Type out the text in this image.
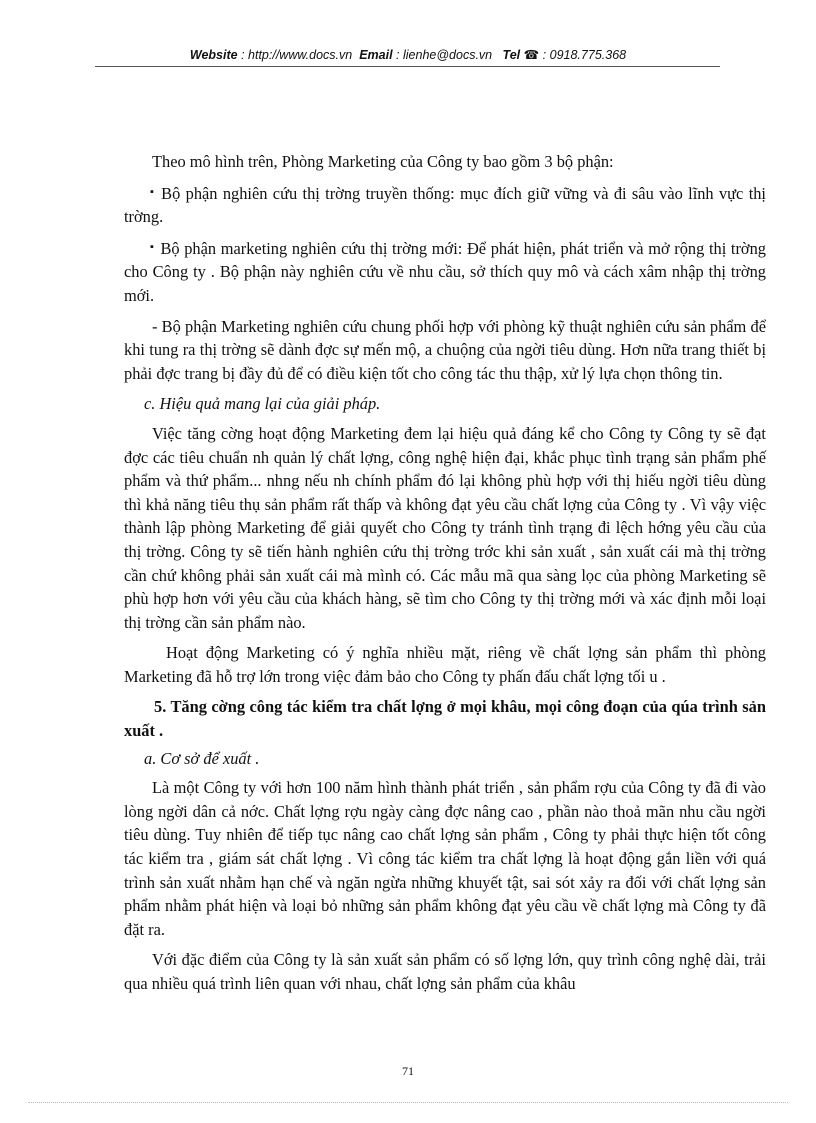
Website : http://www.docs.vn Email : lienhe@docs.vn Tel ☎ : 0918.775.368

Theo mô hình trên, Phòng Marketing của Công ty bao gồm 3 bộ phận:

▪ Bộ phận nghiên cứu thị trờng truyền thống: mục đích giữ vững và đi sâu vào lĩnh vực thị trờng.

▪ Bộ phận marketing nghiên cứu thị trờng mới: Để phát hiện, phát triển và mở rộng thị trờng cho Công ty . Bộ phận này nghiên cứu về nhu cầu, sở thích quy mô và cách xâm nhập thị trờng mới.

- Bộ phận Marketing nghiên cứu chung phối hợp với phòng kỹ thuật nghiên cứu sản phẩm để khi tung ra thị trờng sẽ dành đợc sự mến mộ, a chuộng của ngời tiêu dùng. Hơn nữa trang thiết bị phải đợc trang bị đầy đủ để có điều kiện tốt cho công tác thu thập, xử lý lựa chọn thông tin.

c. Hiệu quả mang lại của giải pháp.

Việc tăng cờng hoạt động Marketing đem lại hiệu quả đáng kể cho Công ty Công ty sẽ đạt đợc các tiêu chuẩn nh quản lý chất lợng, công nghệ hiện đại, khắc phục tình trạng sản phẩm phế phẩm và thứ phẩm... nhng nếu nh chính phẩm đó lại không phù hợp với thị hiếu ngời tiêu dùng thì khả năng tiêu thụ sản phẩm rất thấp và không đạt yêu cầu chất lợng của Công ty . Vì vậy việc thành lập phòng Marketing để giải quyết cho Công ty tránh tình trạng đi lệch hớng yêu cầu của thị trờng. Công ty sẽ tiến hành nghiên cứu thị trờng trớc khi sản xuất , sản xuất cái mà thị trờng cần chứ không phải sản xuất cái mà mình có. Các mẫu mã qua sàng lọc của phòng Marketing sẽ phù hợp hơn với yêu cầu của khách hàng, sẽ tìm cho Công ty thị trờng mới và xác định mỗi loại thị trờng cần sản phẩm nào.

Hoạt động Marketing có ý nghĩa nhiều mặt, riêng về chất lợng sản phẩm thì phòng Marketing đã hỗ trợ lớn trong việc đảm bảo cho Công ty phấn đấu chất lợng tối u .

5. Tăng cờng công tác kiểm tra chất lợng ở mọi khâu, mọi công đoạn của qúa trình sản xuất .

a. Cơ sở để xuất .

Là một Công ty với hơn 100 năm hình thành phát triển , sản phẩm rợu của Công ty đã đi vào lòng ngời dân cả nớc. Chất lợng rợu ngày càng đợc nâng cao , phần nào thoả mãn nhu cầu ngời tiêu dùng. Tuy nhiên để tiếp tục nâng cao chất lợng sản phẩm , Công ty phải thực hiện tốt công tác kiểm tra , giám sát chất lợng . Vì công tác kiểm tra chất lợng là hoạt động gắn liền với quá trình sản xuất nhằm hạn chế và ngăn ngừa những khuyết tật, sai sót xảy ra đối với chất lợng sản phẩm nhằm phát hiện và loại bỏ những sản phẩm không đạt yêu cầu về chất lợng mà Công ty đã đặt ra.

Với đặc điểm của Công ty là sản xuất sản phẩm có số lợng lớn, quy trình công nghệ dài, trải qua nhiều quá trình liên quan với nhau, chất lợng sản phẩm của khâu

71
